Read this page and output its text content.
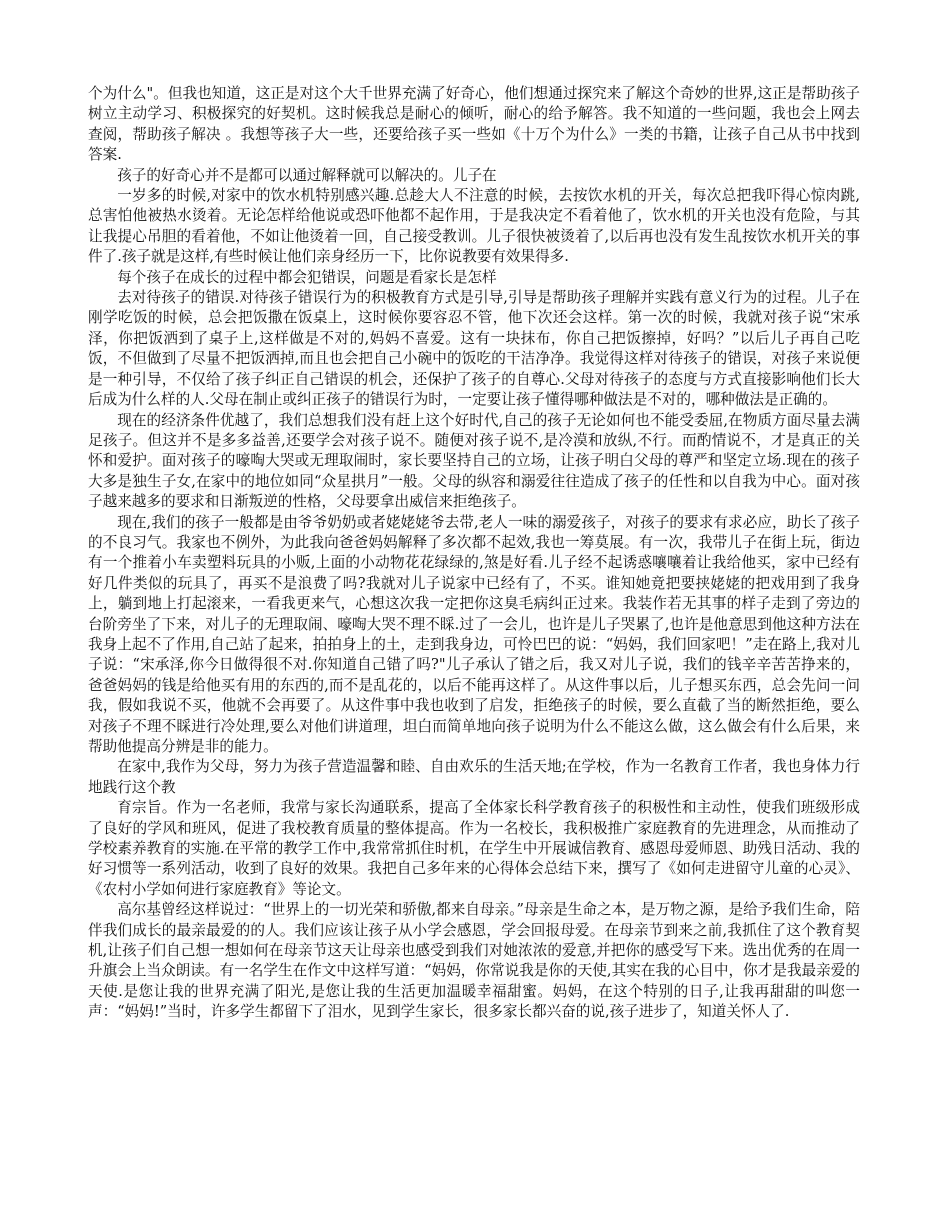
个为什么"。但我也知道，这正是对这个大千世界充满了好奇心，他们想通过探究来了解这个奇妙的世界,这正是帮助孩子树立主动学习、积极探究的好契机。这时候我总是耐心的倾听，耐心的给予解答。我不知道的一些问题，我也会上网去查阅，帮助孩子解决 。我想等孩子大一些，还要给孩子买一些如《十万个为什么》一类的书籍，让孩子自己从书中找到答案.

孩子的好奇心并不是都可以通过解释就可以解决的。儿子在

一岁多的时候,对家中的饮水机特别感兴趣.总趁大人不注意的时候，去按饮水机的开关，每次总把我吓得心惊肉跳,总害怕他被热水烫着。无论怎样给他说或恐吓他都不起作用，于是我决定不看着他了，饮水机的开关也没有危险，与其让我提心吊胆的看着他，不如让他烫着一回，自己接受教训。儿子很快被烫着了,以后再也没有发生乱按饮水机开关的事件了.孩子就是这样,有些时候让他们亲身经历一下，比你说教要有效果得多.

每个孩子在成长的过程中都会犯错误，问题是看家长是怎样

去对待孩子的错误.对待孩子错误行为的积极教育方式是引导,引导是帮助孩子理解并实践有意义行为的过程。儿子在刚学吃饭的时候，总会把饭撒在饭桌上，这时候你要容忍不管，他下次还会这样。第一次的时候，我就对孩子说“宋承泽，你把饭洒到了桌子上,这样做是不对的,妈妈不喜爱。这有一块抹布，你自己把饭擦掉，好吗？”以后儿子再自己吃饭，不但做到了尽量不把饭洒掉,而且也会把自己小碗中的饭吃的干洁净净。我觉得这样对待孩子的错误，对孩子来说便是一种引导，不仅给了孩子纠正自己错误的机会，还保护了孩子的自尊心.父母对待孩子的态度与方式直接影响他们长大后成为什么样的人.父母在制止或纠正孩子的错误行为时，一定要让孩子懂得哪种做法是不对的，哪种做法是正确的。

现在的经济条件优越了，我们总想我们没有赶上这个好时代,自己的孩子无论如何也不能受委屈,在物质方面尽量去满足孩子。但这并不是多多益善,还要学会对孩子说不。随便对孩子说不,是冷漠和放纵,不行。而酌情说不，才是真正的关怀和爱护。面对孩子的嚎啕大哭或无理取闹时，家长要坚持自己的立场，让孩子明白父母的尊严和坚定立场.现在的孩子大多是独生子女,在家中的地位如同“众星拱月”一般。父母的纵容和溺爱往往造成了孩子的任性和以自我为中心。面对孩子越来越多的要求和日渐叛逆的性格，父母要拿出威信来拒绝孩子。

现在,我们的孩子一般都是由爷爷奶奶或者姥姥姥爷去带,老人一味的溺爱孩子，对孩子的要求有求必应，助长了孩子的不良习气。我家也不例外，为此我向爸爸妈妈解释了多次都不起效,我也一筹莫展。有一次，我带儿子在街上玩，街边有一个推着小车卖塑料玩具的小贩,上面的小动物花花绿绿的,煞是好看.儿子经不起诱惑嚷嚷着让我给他买，家中已经有好几件类似的玩具了，再买不是浪费了吗?我就对儿子说家中已经有了，不买。谁知她竟把要挟姥姥的把戏用到了我身上，躺到地上打起滚来，一看我更来气，心想这次我一定把你这臭毛病纠正过来。我装作若无其事的样子走到了旁边的台阶旁坐了下来，对儿子的无理取闹、嚎啕大哭不理不睬.过了一会儿，也许是儿子哭累了,也许是他意思到他这种方法在我身上起不了作用,自己站了起来，拍拍身上的土，走到我身边，可怜巴巴的说：“妈妈，我们回家吧！”走在路上,我对儿子说：“宋承泽,你今日做得很不对.你知道自己错了吗?"儿子承认了错之后，我又对儿子说，我们的钱辛辛苦苦挣来的，爸爸妈妈的钱是给他买有用的东西的,而不是乱花的，以后不能再这样了。从这件事以后，儿子想买东西，总会先问一问我，假如我说不买，他就不会再要了。从这件事中我也收到了启发，拒绝孩子的时候，要么直截了当的断然拒绝，要么对孩子不理不睬进行冷处理,要么对他们讲道理，坦白而简单地向孩子说明为什么不能这么做，这么做会有什么后果，来帮助他提高分辨是非的能力。

在家中,我作为父母，努力为孩子营造温馨和睦、自由欢乐的生活天地;在学校，作为一名教育工作者，我也身体力行地践行这个教

育宗旨。作为一名老师，我常与家长沟通联系，提高了全体家长科学教育孩子的积极性和主动性，使我们班级形成了良好的学风和班风，促进了我校教育质量的整体提高。作为一名校长，我积极推广家庭教育的先进理念，从而推动了学校素养教育的实施.在平常的教学工作中,我常常抓住时机，在学生中开展诚信教育、感恩母爱师恩、助残日活动、我的好习惯等一系列活动，收到了良好的效果。我把自己多年来的心得体会总结下来，撰写了《如何走进留守儿童的心灵》、《农村小学如何进行家庭教育》等论文。

高尔基曾经这样说过：“世界上的一切光荣和骄傲,都来自母亲。”母亲是生命之本，是万物之源，是给予我们生命，陪伴我们成长的最亲最爱的的人。我们应该让孩子从小学会感恩，学会回报母爱。在母亲节到来之前,我抓住了这个教育契机,让孩子们自己想一想如何在母亲节这天让母亲也感受到我们对她浓浓的爱意,并把你的感受写下来。选出优秀的在周一升旗会上当众朗读。有一名学生在作文中这样写道：“妈妈，你常说我是你的天使,其实在我的心目中，你才是我最亲爱的天使.是您让我的世界充满了阳光,是您让我的生活更加温暖幸福甜蜜。妈妈，在这个特别的日子,让我再甜甜的叫您一声：“妈妈!”当时，许多学生都留下了泪水，见到学生家长，很多家长都兴奋的说,孩子进步了，知道关怀人了.
